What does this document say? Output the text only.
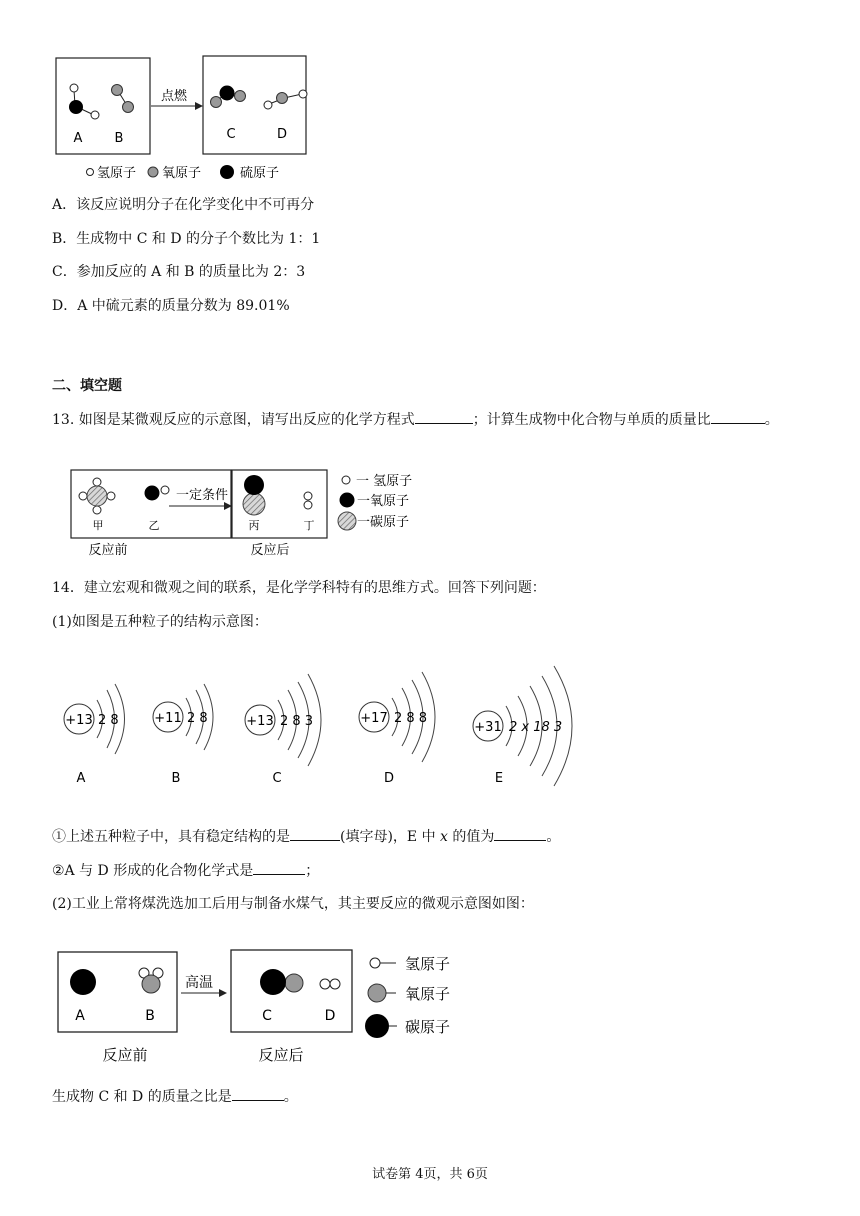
A B
点燃
C	D
氢原子 氧原子	硫原子
A．该反应说明分子在化学变化中不可再分
B．生成物中 C 和 D 的分子个数比为 1：1
C．参加反应的 A 和 B 的质量比为 2：3
D．A 中硫元素的质量分数为 89.01%
二、填空题
13. 如图是某微观反应的示意图，请写出反应的化学方程式	；计算生成物中化合物与单质的质量比	。
甲	乙
一定条件
丙	丁
反应前	反应后
一 氢原子
一氧原子
一碳原子
14．建立宏观和微观之间的联系，是化学学科特有的思维方式。回答下列问题：
(1)如图是五种粒子的结构示意图：
+13 2 8
A
+11 2 8
B
+13 2 8 3
C
+17 2 8 8
D
+31 2 x 18 3
E
①上述五种粒子中，具有稳定结构的是	(填字母)，E 中 x 的值为	。
②A 与 D 形成的化合物化学式是	；
(2)工业上常将煤洗选加工后用与制备水煤气，其主要反应的微观示意图如图：
A	B
高温
C	D
反应前	反应后
氢原子
氧原子
碳原子
生成物 C 和 D 的质量之比是	。
试卷第 4页，共 6页
